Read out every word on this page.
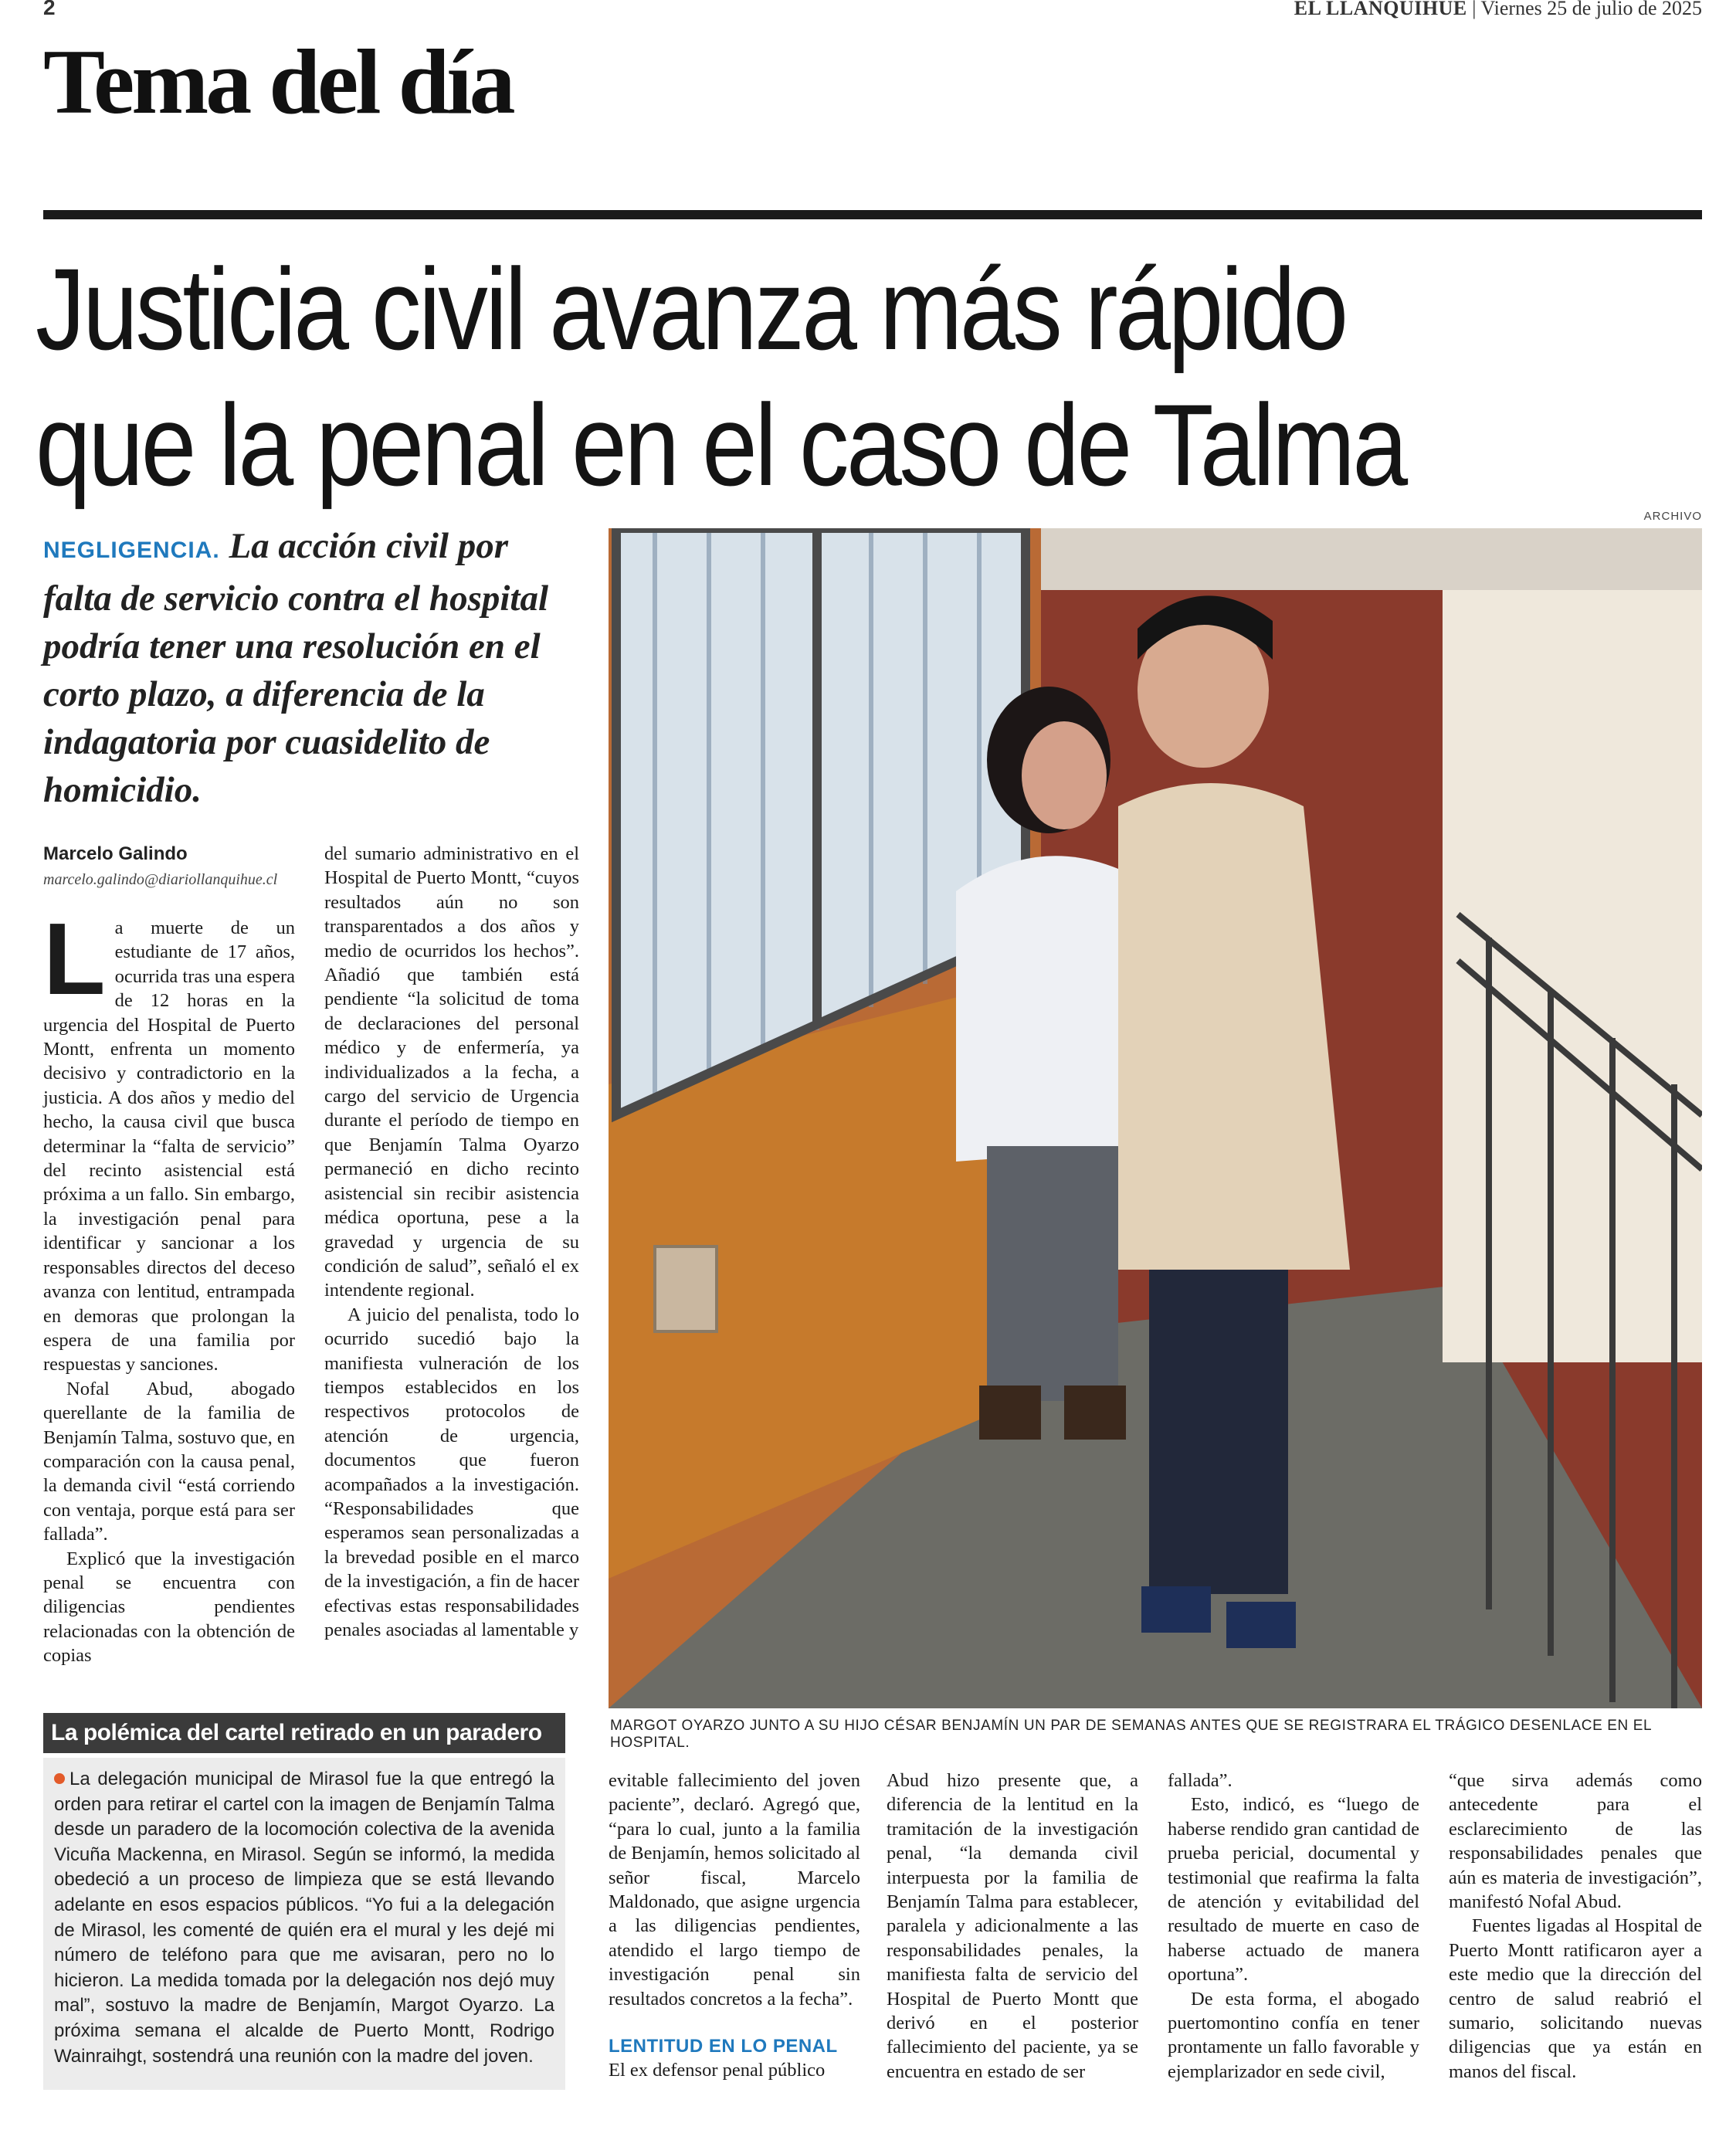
2	EL LLANQUIHUE | Viernes 25 de julio de 2025
Tema del día
Justicia civil avanza más rápido
que la penal en el caso de Talma
NEGLIGENCIA. La acción civil por falta de servicio contra el hospital podría tener una resolución en el corto plazo, a diferencia de la indagatoria por cuasidelito de homicidio.
Marcelo Galindo
marcelo.galindo@diariollanquihue.cl

La muerte de un estudiante de 17 años, ocurrida tras una espera de 12 horas en la urgencia del Hospital de Puerto Montt, enfrenta un momento decisivo y contradictorio en la justicia. A dos años y medio del hecho, la causa civil que busca determinar la “falta de servicio” del recinto asistencial está próxima a un fallo. Sin embargo, la investigación penal para identificar y sancionar a los responsables directos del deceso avanza con lentitud, entrampada en demoras que prolongan la espera de una familia por respuestas y sanciones.

Nofal Abud, abogado querellante de la familia de Benjamín Talma, sostuvo que, en comparación con la causa penal, la demanda civil “está corriendo con ventaja, porque está para ser fallada”.

Explicó que la investigación penal se encuentra con diligencias pendientes relacionadas con la obtención de copias

del sumario administrativo en el Hospital de Puerto Montt, “cuyos resultados aún no son transparentados a dos años y medio de ocurridos los hechos”. Añadió que también está pendiente “la solicitud de toma de declaraciones del personal médico y de enfermería, ya individualizados a la fecha, a cargo del servicio de Urgencia durante el período de tiempo en que Benjamín Talma Oyarzo permaneció en dicho recinto asistencial sin recibir asistencia médica oportuna, pese a la gravedad y urgencia de su condición de salud”, señaló el ex intendente regional.

A juicio del penalista, todo lo ocurrido sucedió bajo la manifiesta vulneración de los tiempos establecidos en los respectivos protocolos de atención de urgencia, documentos que fueron acompañados a la investigación. “Responsabilidades que esperamos sean personalizadas a la brevedad posible en el marco de la investigación, a fin de hacer efectivas estas responsabilidades penales asociadas al lamentable y

ARCHIVO
MARGOT OYARZO JUNTO A SU HIJO CÉSAR BENJAMÍN UN PAR DE SEMANAS ANTES QUE SE REGISTRARA EL TRÁGICO DESENLACE EN EL HOSPITAL.
La polémica del cartel retirado en un paradero
La delegación municipal de Mirasol fue la que entregó la orden para retirar el cartel con la imagen de Benjamín Talma desde un paradero de la locomoción colectiva de la avenida Vicuña Mackenna, en Mirasol. Según se informó, la medida obedeció a un proceso de limpieza que se está llevando adelante en esos espacios públicos. “Yo fui a la delegación de Mirasol, les comenté de quién era el mural y les dejé mi número de teléfono para que me avisaran, pero no lo hicieron. La medida tomada por la delegación nos dejó muy mal”, sostuvo la madre de Benjamín, Margot Oyarzo. La próxima semana el alcalde de Puerto Montt, Rodrigo Wainraihgt, sostendrá una reunión con la madre del joven.

evitable fallecimiento del joven paciente”, declaró. Agregó que, “para lo cual, junto a la familia de Benjamín, hemos solicitado al señor fiscal, Marcelo Maldonado, que asigne urgencia a las diligencias pendientes, atendido el largo tiempo de investigación penal sin resultados concretos a la fecha”.

LENTITUD EN LO PENAL

El ex defensor penal público

Abud hizo presente que, a diferencia de la lentitud en la tramitación de la investigación penal, “la demanda civil interpuesta por la familia de Benjamín Talma para establecer, paralela y adicionalmente a las responsabilidades penales, la manifiesta falta de servicio del Hospital de Puerto Montt que derivó en el posterior fallecimiento del paciente, ya se encuentra en estado de ser

fallada”.

Esto, indicó, es “luego de haberse rendido gran cantidad de prueba pericial, documental y testimonial que reafirma la falta de atención y evitabilidad del resultado de muerte en caso de haberse actuado de manera oportuna”.

De esta forma, el abogado puertomontino confía en tener prontamente un fallo favorable y ejemplarizador en sede civil,

“que sirva además como antecedente para el esclarecimiento de las responsabilidades penales que aún es materia de investigación”, manifestó Nofal Abud.

Fuentes ligadas al Hospital de Puerto Montt ratificaron ayer a este medio que la dirección del centro de salud reabrió el sumario, solicitando nuevas diligencias que ya están en manos del fiscal.
